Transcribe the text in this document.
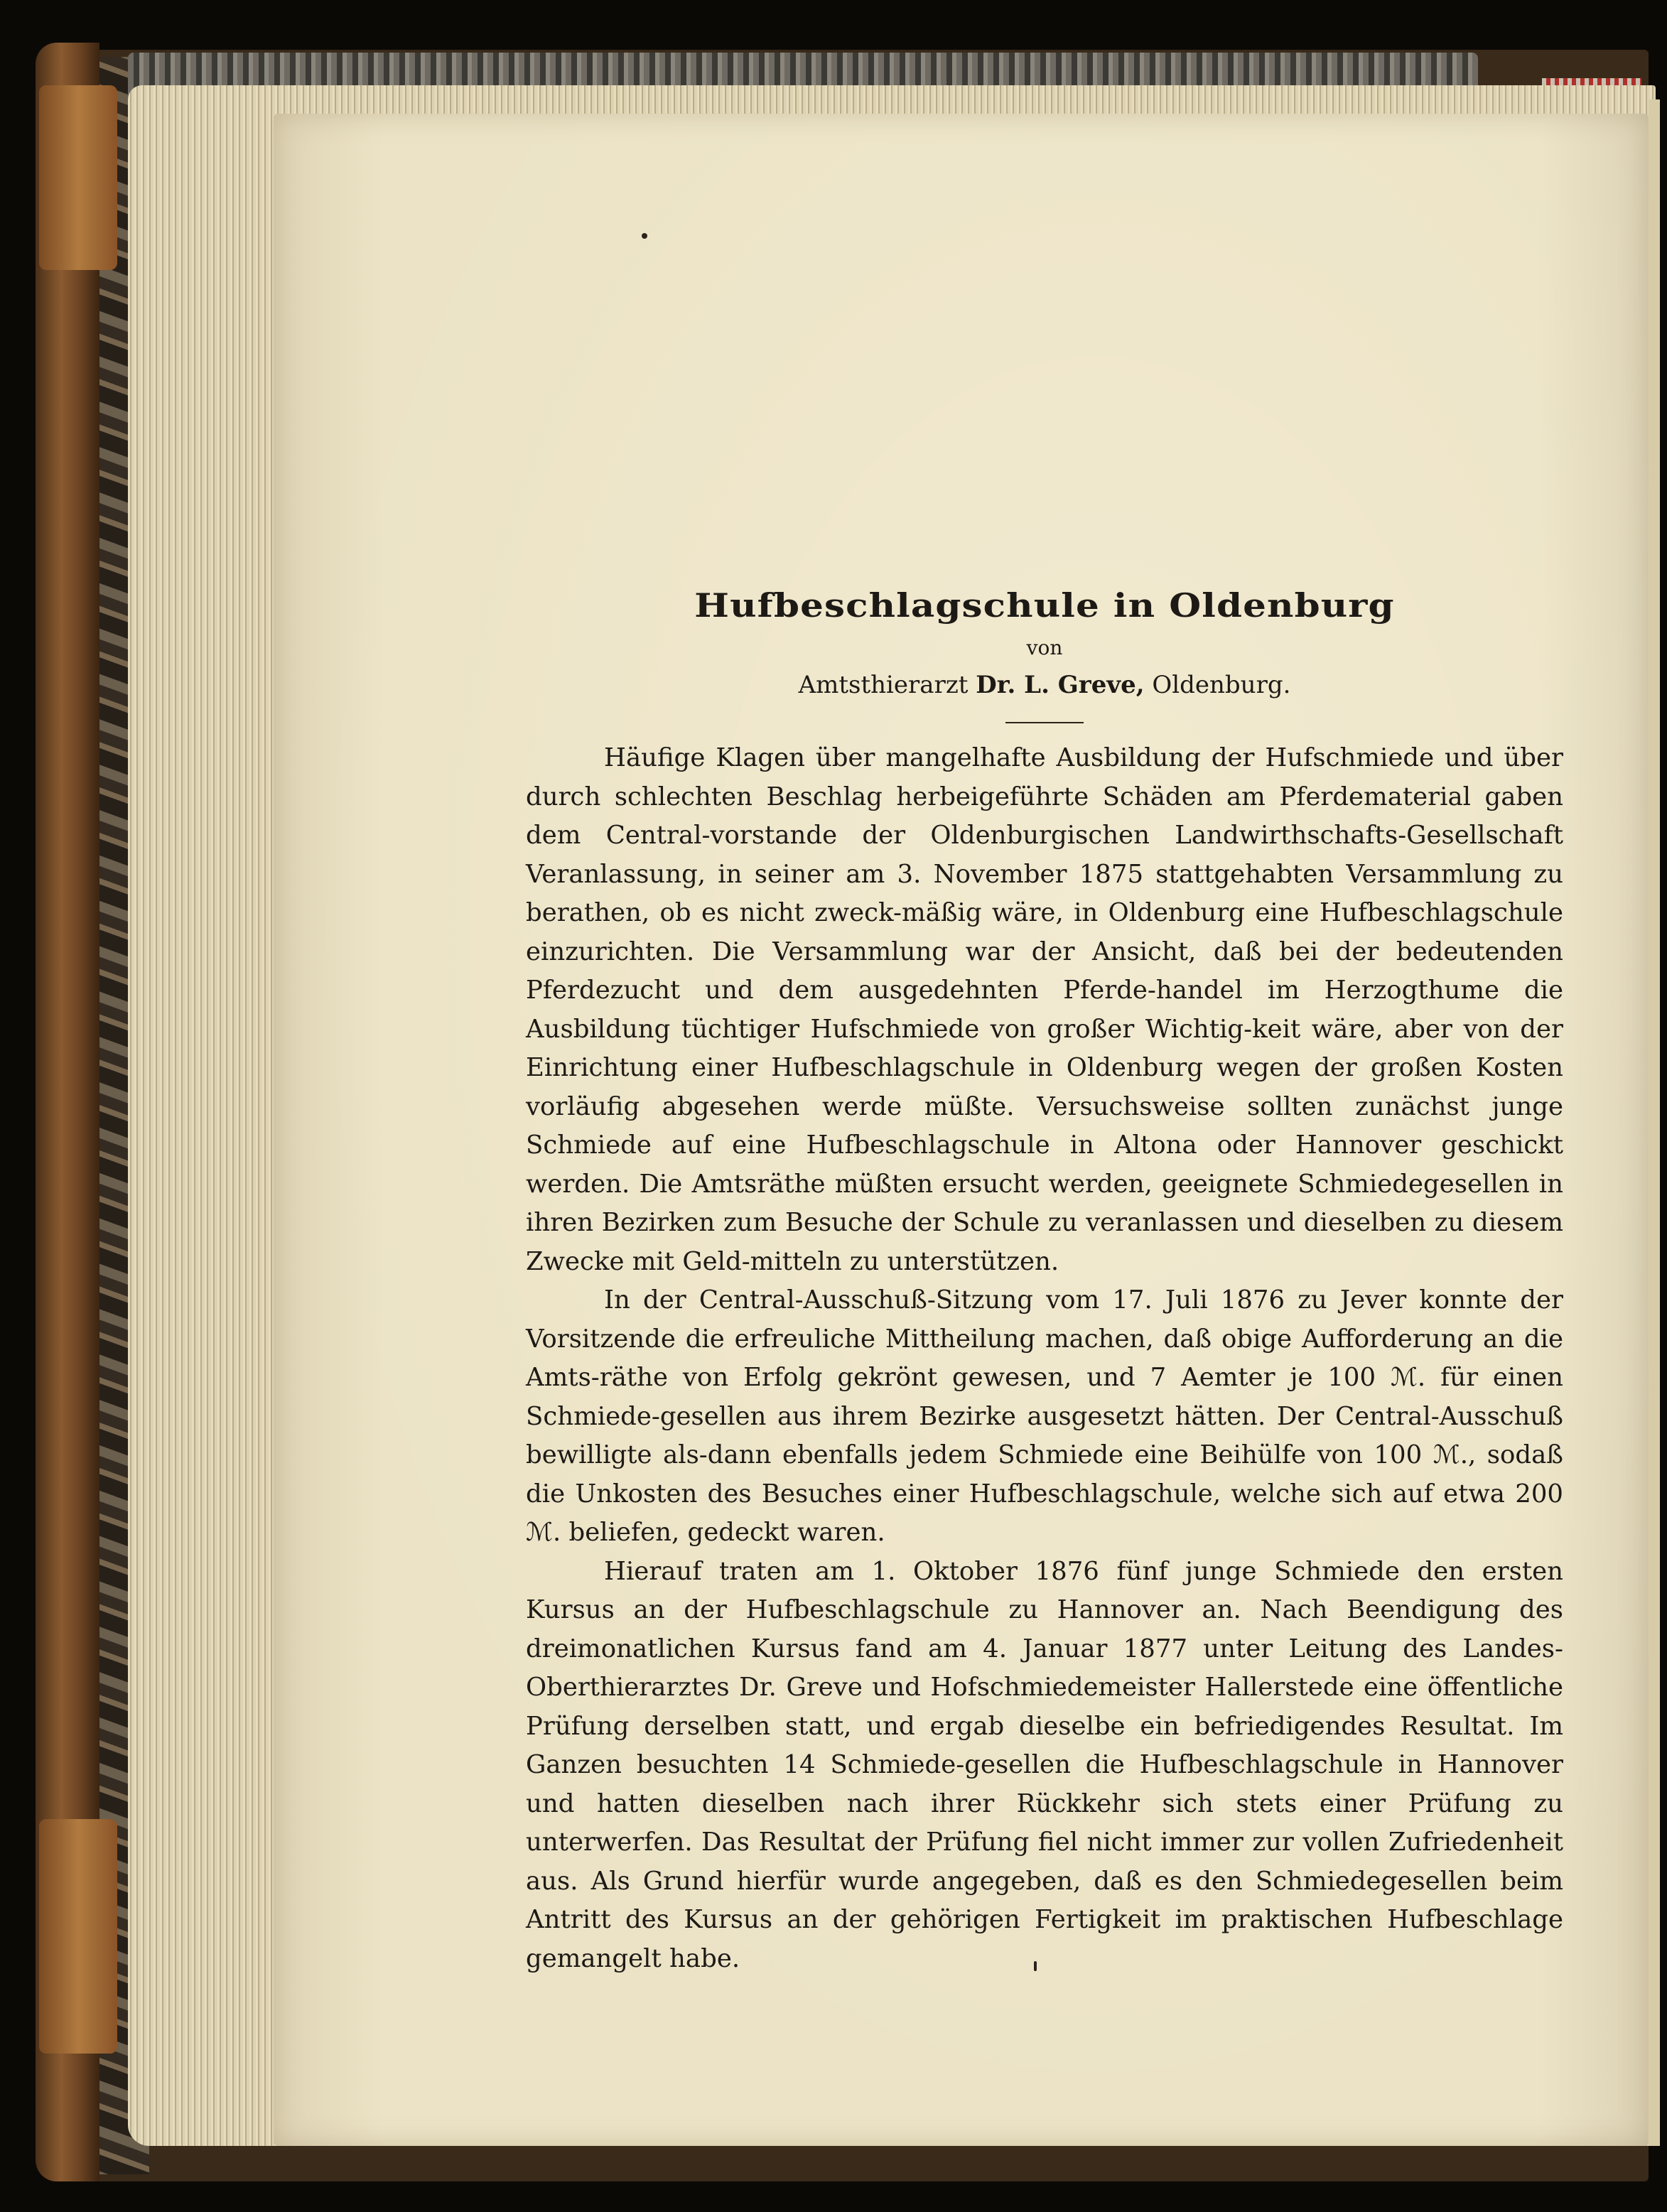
Hufbeschlagschule in Oldenburg

von

Amtsthierarzt Dr. L. Greve, Oldenburg.

Häufige Klagen über mangelhafte Ausbildung der Hufschmiede und über durch schlechten Beschlag herbeigeführte Schäden am Pferdematerial gaben dem Central-vorstande der Oldenburgischen Landwirthschafts-Gesellschaft Veranlassung, in seiner am 3. November 1875 stattgehabten Versammlung zu berathen, ob es nicht zweck-mäßig wäre, in Oldenburg eine Hufbeschlagschule einzurichten. Die Versammlung war der Ansicht, daß bei der bedeutenden Pferdezucht und dem ausgedehnten Pferde-handel im Herzogthume die Ausbildung tüchtiger Hufschmiede von großer Wichtig-keit wäre, aber von der Einrichtung einer Hufbeschlagschule in Oldenburg wegen der großen Kosten vorläufig abgesehen werde müßte. Versuchsweise sollten zunächst junge Schmiede auf eine Hufbeschlagschule in Altona oder Hannover geschickt werden. Die Amtsräthe müßten ersucht werden, geeignete Schmiedegesellen in ihren Bezirken zum Besuche der Schule zu veranlassen und dieselben zu diesem Zwecke mit Geld-mitteln zu unterstützen.

In der Central-Ausschuß-Sitzung vom 17. Juli 1876 zu Jever konnte der Vorsitzende die erfreuliche Mittheilung machen, daß obige Aufforderung an die Amts-räthe von Erfolg gekrönt gewesen, und 7 Aemter je 100 ℳ. für einen Schmiede-gesellen aus ihrem Bezirke ausgesetzt hätten. Der Central-Ausschuß bewilligte als-dann ebenfalls jedem Schmiede eine Beihülfe von 100 ℳ., sodaß die Unkosten des Besuches einer Hufbeschlagschule, welche sich auf etwa 200 ℳ. beliefen, gedeckt waren.

Hierauf traten am 1. Oktober 1876 fünf junge Schmiede den ersten Kursus an der Hufbeschlagschule zu Hannover an. Nach Beendigung des dreimonatlichen Kursus fand am 4. Januar 1877 unter Leitung des Landes-Oberthierarztes Dr. Greve und Hofschmiedemeister Hallerstede eine öffentliche Prüfung derselben statt, und ergab dieselbe ein befriedigendes Resultat. Im Ganzen besuchten 14 Schmiede-gesellen die Hufbeschlagschule in Hannover und hatten dieselben nach ihrer Rückkehr sich stets einer Prüfung zu unterwerfen. Das Resultat der Prüfung fiel nicht immer zur vollen Zufriedenheit aus. Als Grund hierfür wurde angegeben, daß es den Schmiedegesellen beim Antritt des Kursus an der gehörigen Fertigkeit im praktischen Hufbeschlage gemangelt habe.
